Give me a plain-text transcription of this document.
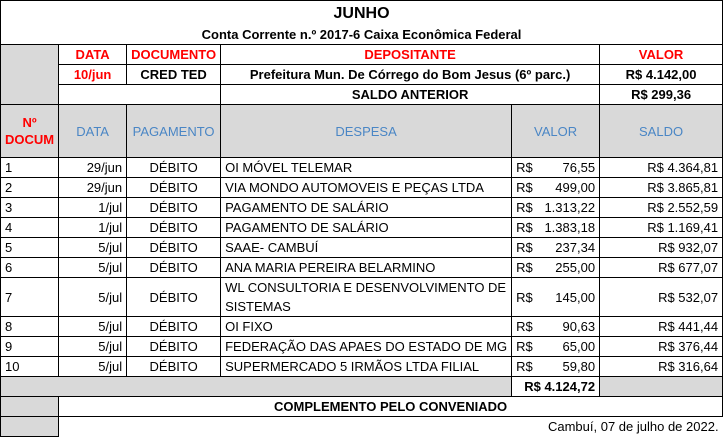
JUNHO					
Conta Corrente n.º 2017-6 Caixa Econômica Federal					
	DATA	DOCUMENTO	DEPOSITANTE		VALOR
	10/jun	CRED TED	Prefeitura Mun. De Córrego do Bom Jesus (6º parc.)		R$ 4.142,00
			SALDO ANTERIOR		R$ 299,36
Nº DOCUM	DATA	PAGAMENTO	DESPESA	VALOR	SALDO
1	29/jun	DÉBITO	OI MÓVEL TELEMAR	R$ 76,55	R$ 4.364,81
2	29/jun	DÉBITO	VIA MONDO AUTOMOVEIS E PEÇAS LTDA	R$ 499,00	R$ 3.865,81
3	1/jul	DÉBITO	PAGAMENTO DE SALÁRIO	R$ 1.313,22	R$ 2.552,59
4	1/jul	DÉBITO	PAGAMENTO DE SALÁRIO	R$ 1.383,18	R$ 1.169,41
5	5/jul	DÉBITO	SAAE- CAMBUÍ	R$ 237,34	R$ 932,07
6	5/jul	DÉBITO	ANA MARIA PEREIRA BELARMINO	R$ 255,00	R$ 677,07
7	5/jul	DÉBITO	WL CONSULTORIA E DESENVOLVIMENTO DE SISTEMAS	R$ 145,00	R$ 532,07
8	5/jul	DÉBITO	OI FIXO	R$ 90,63	R$ 441,44
9	5/jul	DÉBITO	FEDERAÇÃO DAS APAES DO ESTADO DE MG	R$ 65,00	R$ 376,44
10	5/jul	DÉBITO	SUPERMERCADO 5 IRMÃOS LTDA FILIAL	R$ 59,80	R$ 316,64
				R$ 4.124,72	
	COMPLEMENTO PELO CONVENIADO				
	Cambuí, 07 de julho de 2022.				
